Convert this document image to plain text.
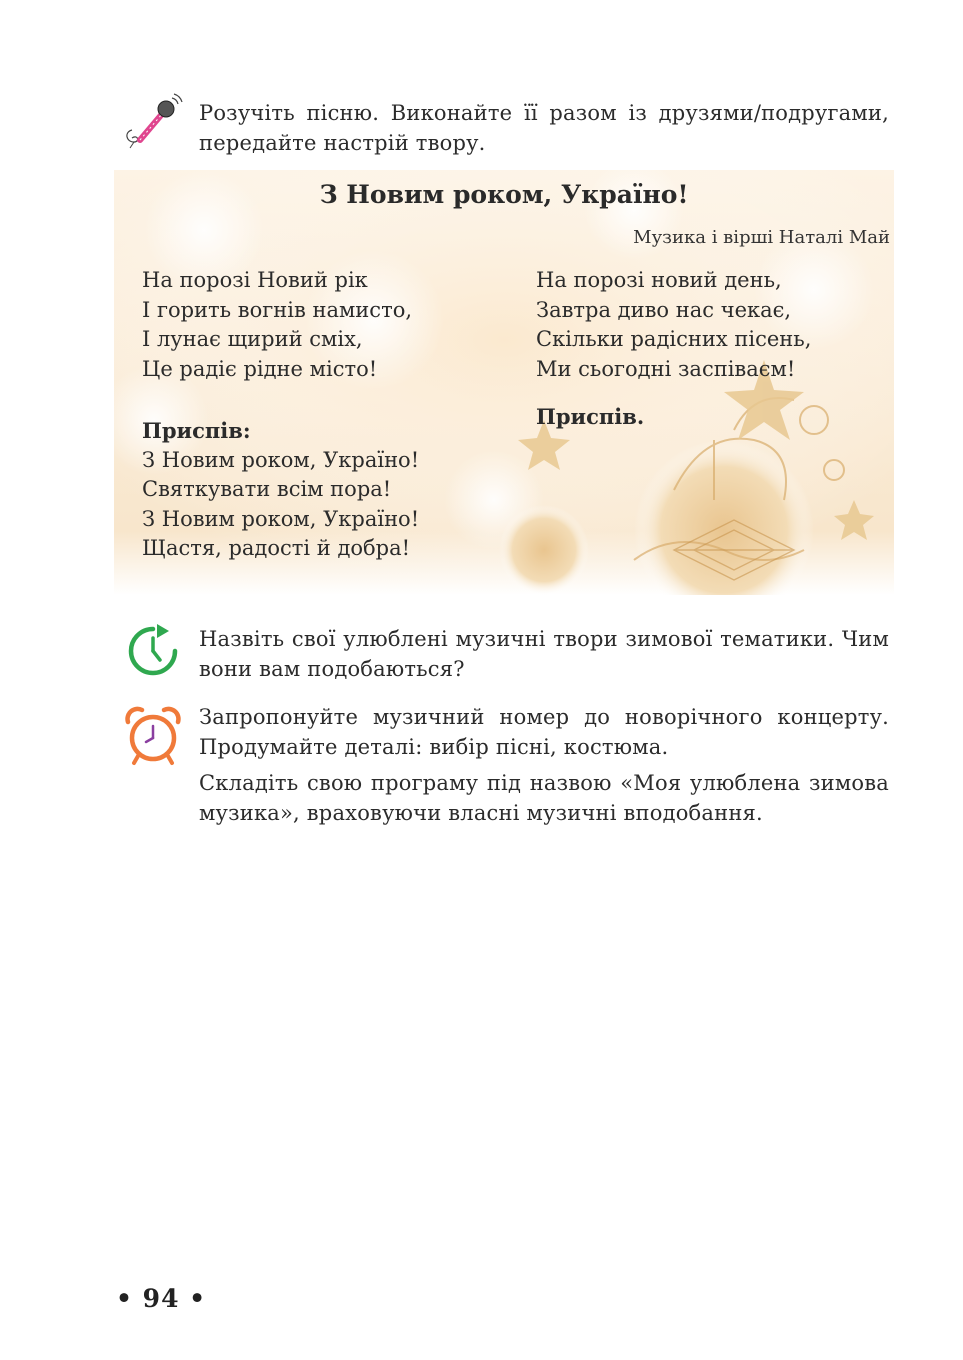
Розучіть пісню. Виконайте її разом із друзями/подругами, передайте настрій твору.

З Новим роком, Україно!
Музика і вірші Наталі Май
На порозі Новий рік
І горить вогнів намисто,
І лунає щирий сміх,
Це радіє рідне місто!
Приспів:
З Новим роком, Україно!
Святкувати всім пора!
З Новим роком, Україно!
Щастя, радості й добра!
На порозі новий день,
Завтра диво нас чекає,
Скільки радісних пісень,
Ми сьогодні заспіваєм!
Приспів.

Назвіть свої улюблені музичні твори зимової тематики. Чим вони вам подобаються?

Запропонуйте музичний номер до новорічного концерту. Продумайте деталі: вибір пісні, костюма.

Складіть свою програму під назвою «Моя улюблена зимова музика», враховуючи власні музичні вподобання.

• 94 •
